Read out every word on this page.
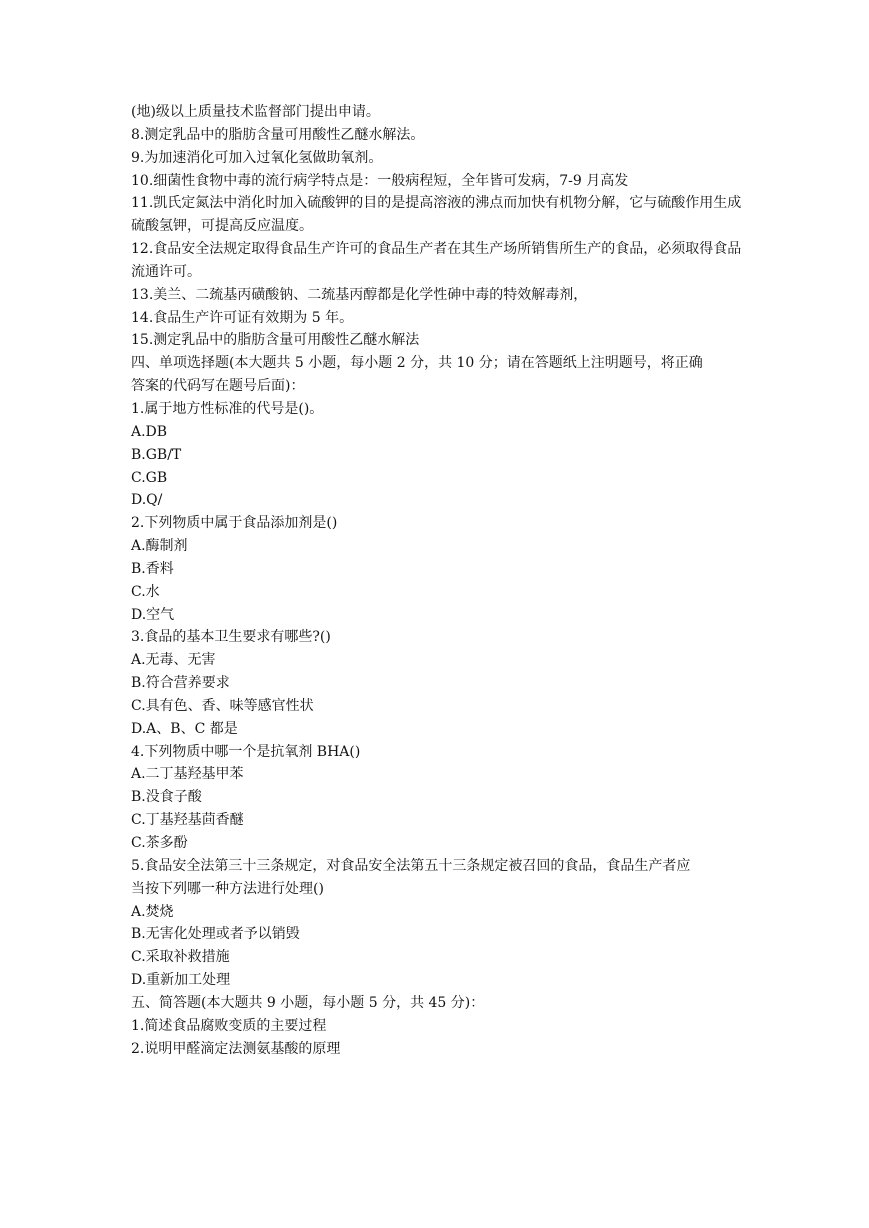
(地)级以上质量技术监督部门提出申请。
8.测定乳品中的脂肪含量可用酸性乙醚水解法。
9.为加速消化可加入过氧化氢做助氧剂。
10.细菌性食物中毒的流行病学特点是：一般病程短，全年皆可发病，7-9 月高发
11.凯氏定氮法中消化时加入硫酸钾的目的是提高溶液的沸点而加快有机物分解，它与硫酸作用生成
硫酸氢钾，可提高反应温度。
12.食品安全法规定取得食品生产许可的食品生产者在其生产场所销售所生产的食品，必须取得食品
流通许可。
13.美兰、二巯基丙磺酸钠、二巯基丙醇都是化学性砷中毒的特效解毒剂，
14.食品生产许可证有效期为 5 年。
15.测定乳品中的脂肪含量可用酸性乙醚水解法
四、单项选择题(本大题共 5 小题，每小题 2 分，共 10 分；请在答题纸上注明题号，将正确
答案的代码写在题号后面)：
1.属于地方性标准的代号是()。
A.DB
B.GB/T
C.GB
D.Q/
2.下列物质中属于食品添加剂是()
A.酶制剂
B.香料
C.水
D.空气
3.食品的基本卫生要求有哪些?()
A.无毒、无害
B.符合营养要求
C.具有色、香、味等感官性状
D.A、B、C 都是
4.下列物质中哪一个是抗氧剂 BHA()
A.二丁基羟基甲苯
B.没食子酸
C.丁基羟基茴香醚
C.茶多酚
5.食品安全法第三十三条规定，对食品安全法第五十三条规定被召回的食品，食品生产者应
当按下列哪一种方法进行处理()
A.焚烧
B.无害化处理或者予以销毁
C.采取补救措施
D.重新加工处理
五、简答题(本大题共 9 小题，每小题 5 分，共 45 分)：
1.简述食品腐败变质的主要过程
2.说明甲醛滴定法测氨基酸的原理
